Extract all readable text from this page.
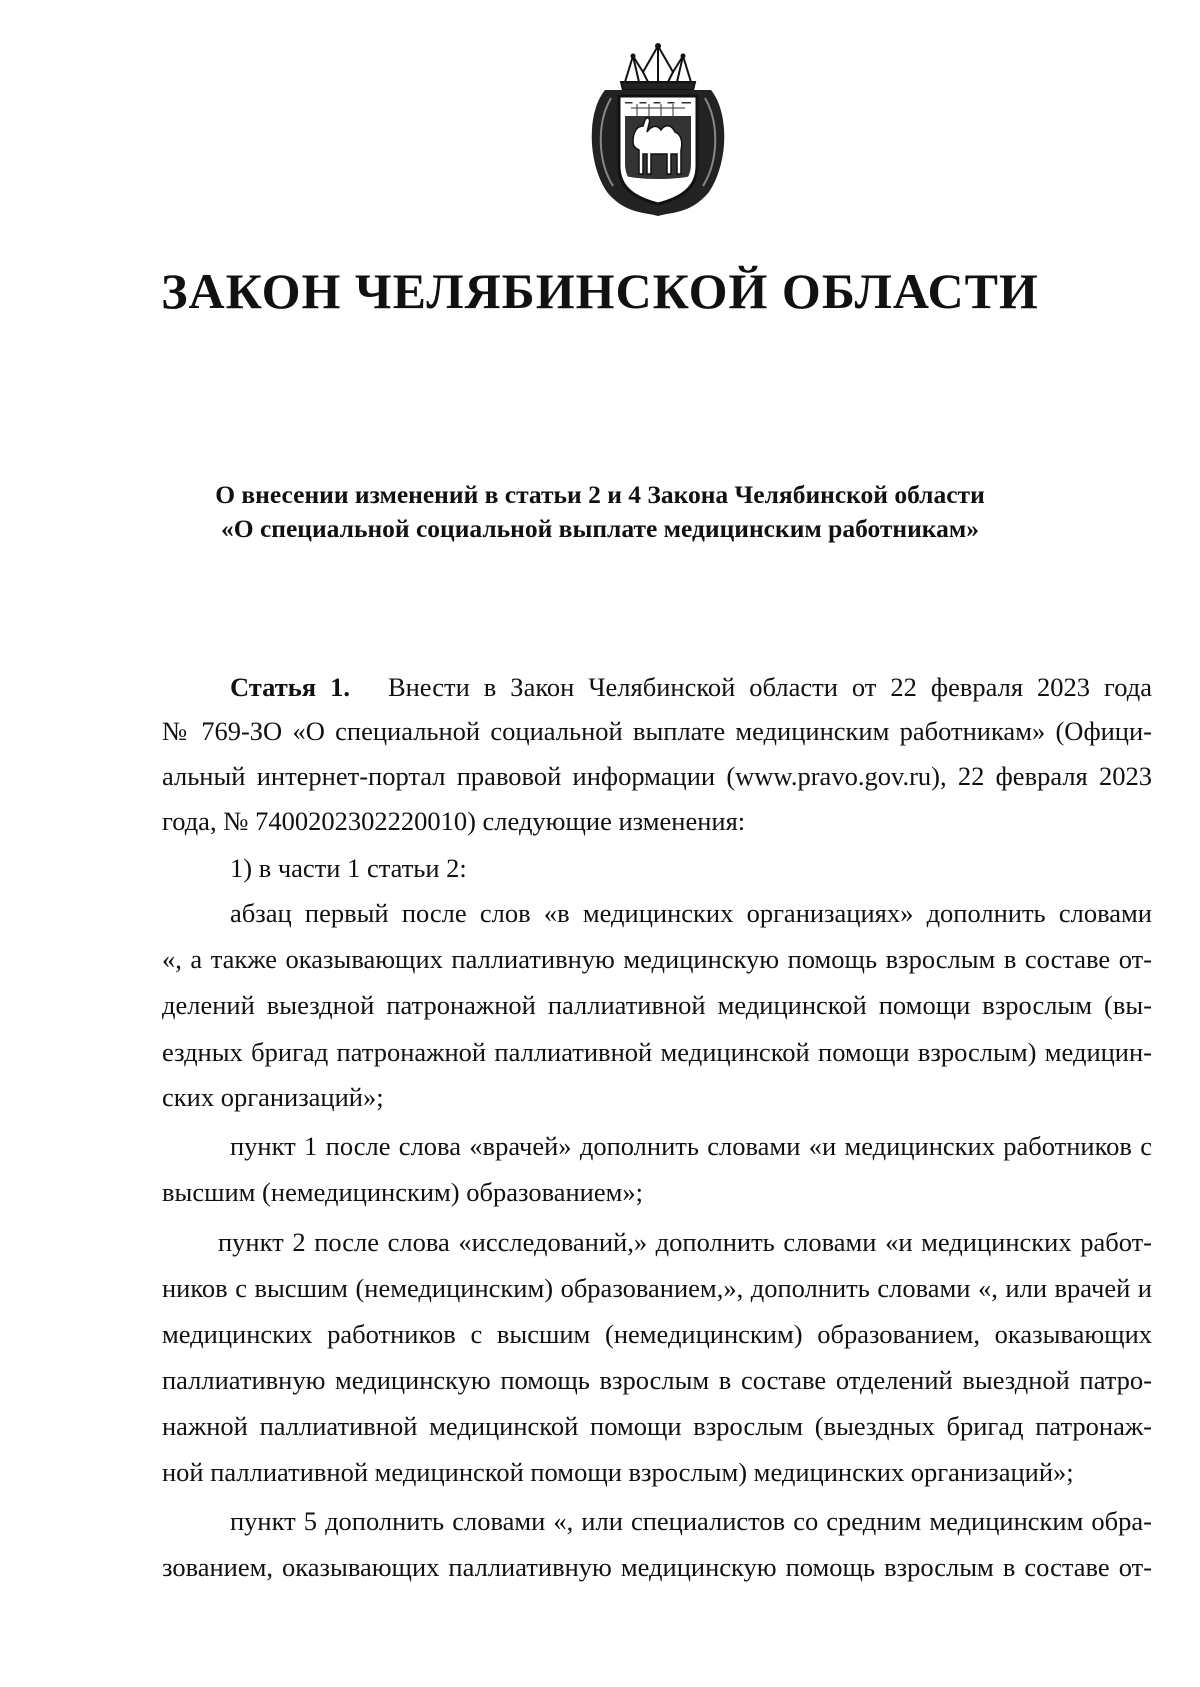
ЗАКОН ЧЕЛЯБИНСКОЙ ОБЛАСТИ
О внесении изменений в статьи 2 и 4 Закона Челябинской области
«О специальной социальной выплате медицинским работникам»
Статья 1. Внести в Закон Челябинской области от 22 февраля 2023 года
№ 769-ЗО «О специальной социальной выплате медицинским работникам» (Офици-
альный интернет-портал правовой информации (www.pravo.gov.ru), 22 февраля 2023
года, № 7400202302220010) следующие изменения:
1) в части 1 статьи 2:
абзац первый после слов «в медицинских организациях» дополнить словами
«, а также оказывающих паллиативную медицинскую помощь взрослым в составе от-
делений выездной патронажной паллиативной медицинской помощи взрослым (вы-
ездных бригад патронажной паллиативной медицинской помощи взрослым) медицин-
ских организаций»;
пункт 1 после слова «врачей» дополнить словами «и медицинских работников с
высшим (немедицинским) образованием»;
пункт 2 после слова «исследований,» дополнить словами «и медицинских работ-
ников с высшим (немедицинским) образованием,», дополнить словами «, или врачей и
медицинских работников с высшим (немедицинским) образованием, оказывающих
паллиативную медицинскую помощь взрослым в составе отделений выездной патро-
нажной паллиативной медицинской помощи взрослым (выездных бригад патронаж-
ной паллиативной медицинской помощи взрослым) медицинских организаций»;
пункт 5 дополнить словами «, или специалистов со средним медицинским обра-
зованием, оказывающих паллиативную медицинскую помощь взрослым в составе от-
